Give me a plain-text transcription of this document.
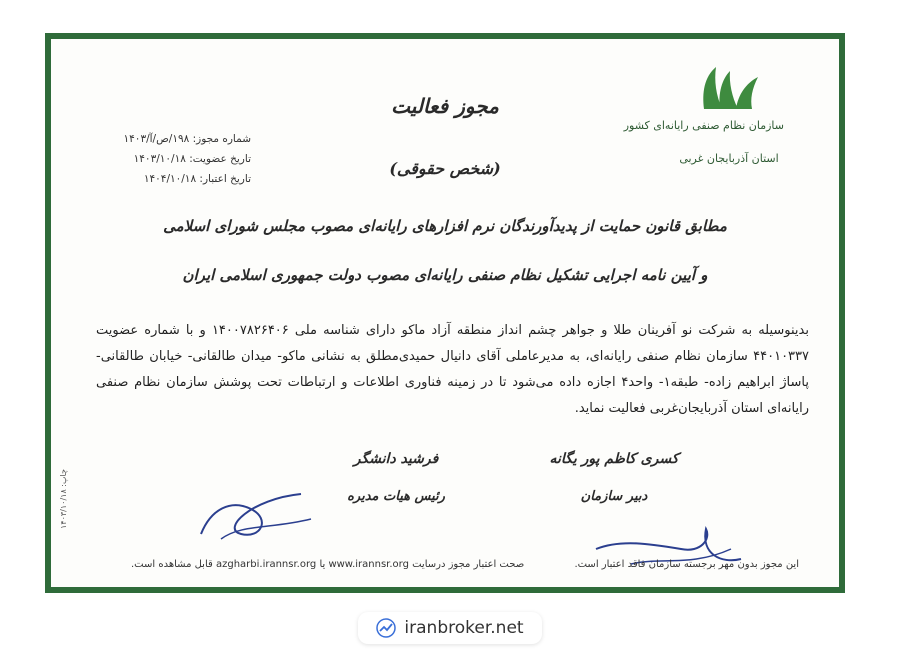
سازمان نظام صنفی رایانه‌ای کشور
استان آذربایجان غربی
مجوز فعالیت
(شخص حقوقی)
شماره مجوز: ۱۹۸/ص/آ/۱۴۰۳
تاریخ عضویت: ۱۴۰۳/۱۰/۱۸
تاریخ اعتبار: ۱۴۰۴/۱۰/۱۸
مطابق قانون حمایت از پدیدآورندگان نرم افزارهای رایانه‌ای مصوب مجلس شورای اسلامی
و آیین نامه اجرایی تشکیل نظام صنفی رایانه‌ای مصوب دولت جمهوری اسلامی ایران
بدینوسیله به شرکت نو آفرینان طلا و جواهر چشم انداز منطقه آزاد ماکو دارای شناسه ملی ۱۴۰۰۷۸۲۶۴۰۶ و با شماره عضویت ۴۴۰۱۰۳۳۷ سازمان نظام صنفی رایانه‌ای، به مدیرعاملی آقای دانیال حمیدی‌مطلق به نشانی ماکو- میدان طالقانی- خیابان طالقانی- پاساژ ابراهیم زاده- طبقه۱- واحد۴ اجازه داده می‌شود تا در زمینه فناوری اطلاعات و ارتباطات تحت پوشش سازمان نظام صنفی رایانه‌ای استان آذربایجان‌غربی فعالیت نماید.
کسری کاظم پور یگانه
دبیر سازمان
فرشید دانشگر
رئیس هیات مدیره
این مجوز بدون مهر برجسته سازمان فاقد اعتبار است.
صحت اعتبار مجوز درسایت www.irannsr.org یا azgharbi.irannsr.org قابل مشاهده است.
چاپ: ۱۴۰۳/۱۰/۱۸
iranbroker.net
